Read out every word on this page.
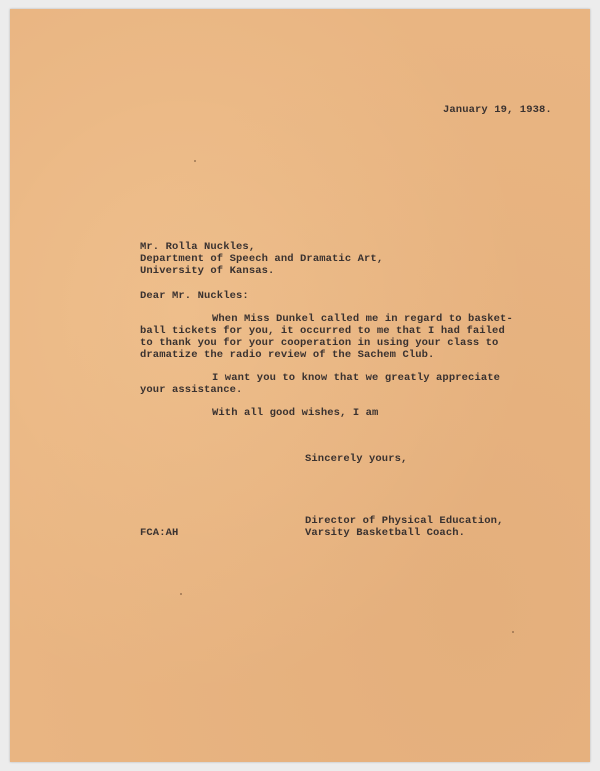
January 19, 1938.
Mr. Rolla Nuckles,
Department of Speech and Dramatic Art,
University of Kansas.
Dear Mr. Nuckles:
When Miss Dunkel called me in regard to basket-
ball tickets for you, it occurred to me that I had failed
to thank you for your cooperation in using your class to
dramatize the radio review of the Sachem Club.
I want you to know that we greatly appreciate
your assistance.
With all good wishes, I am
Sincerely yours,
Director of Physical Education,
FCA:AH	Varsity Basketball Coach.
